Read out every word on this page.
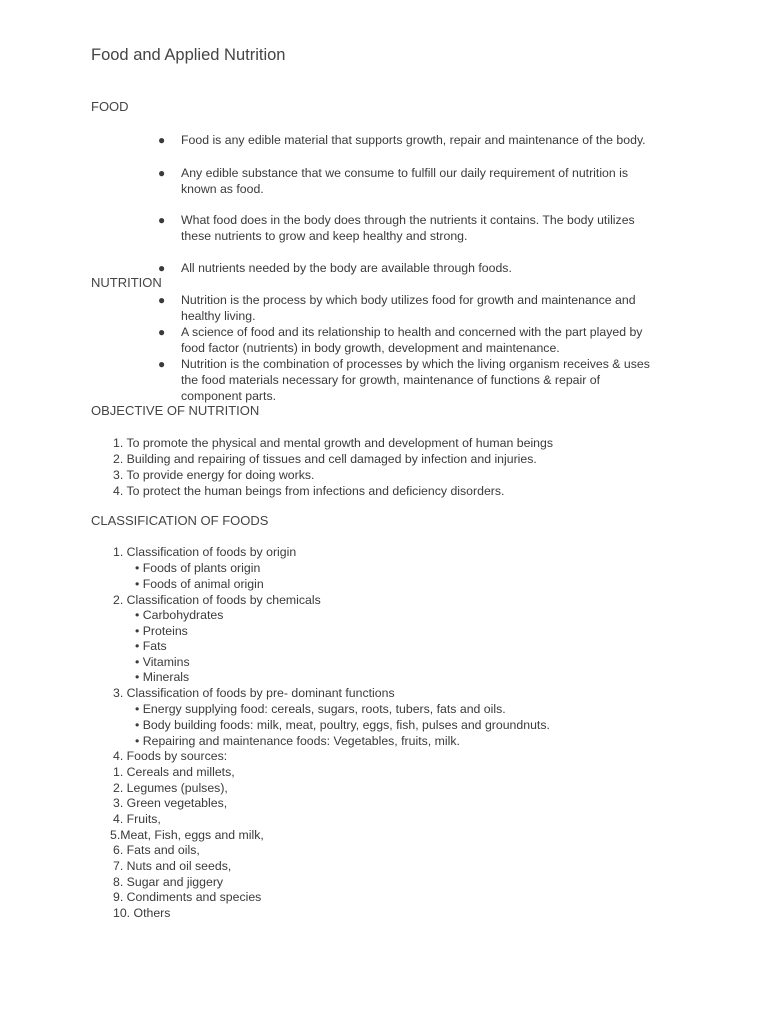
Food and Applied Nutrition
FOOD
●	Food is any edible material that supports growth, repair and maintenance of the body.
●	Any edible substance that we consume to fulfill our daily requirement of nutrition is known as food.
●	What food does in the body does through the nutrients it contains. The body utilizes these nutrients to grow and keep healthy and strong.
●	All nutrients needed by the body are available through foods.
NUTRITION
●	Nutrition is the process by which body utilizes food for growth and maintenance and healthy living.
●	A science of food and its relationship to health and concerned with the part played by food factor (nutrients) in body growth, development and maintenance.
●	Nutrition is the combination of processes by which the living organism receives & uses the food materials necessary for growth, maintenance of functions & repair of component parts.
OBJECTIVE OF NUTRITION
1. To promote the physical and mental growth and development of human beings
2. Building and repairing of tissues and cell damaged by infection and injuries.
3. To provide energy for doing works.
4. To protect the human beings from infections and deficiency disorders.
CLASSIFICATION OF FOODS
1. Classification of foods by origin
• Foods of plants origin
• Foods of animal origin
2. Classification of foods by chemicals
• Carbohydrates
• Proteins
• Fats
• Vitamins
• Minerals
3. Classification of foods by pre- dominant functions
• Energy supplying food: cereals, sugars, roots, tubers, fats and oils.
• Body building foods: milk, meat, poultry, eggs, fish, pulses and groundnuts.
• Repairing and maintenance foods: Vegetables, fruits, milk.
4. Foods by sources:
1. Cereals and millets,
2. Legumes (pulses),
3. Green vegetables,
4. Fruits,
5.Meat, Fish, eggs and milk,
6. Fats and oils,
7. Nuts and oil seeds,
8. Sugar and jiggery
9. Condiments and species
10. Others
